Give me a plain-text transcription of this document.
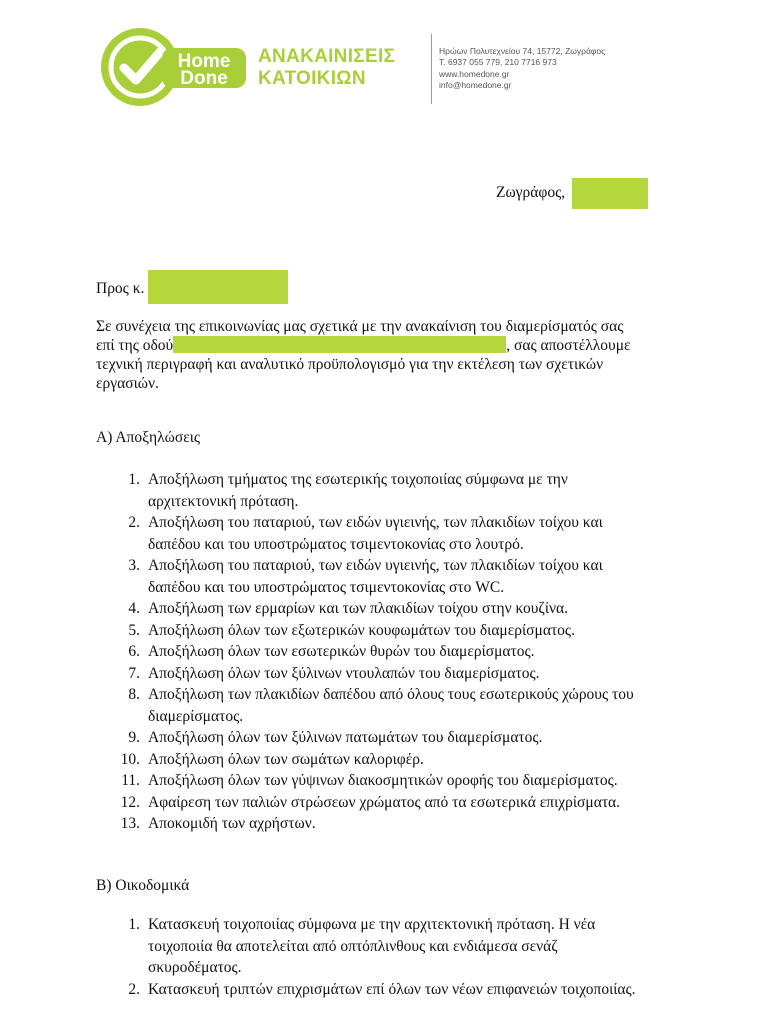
Home
Done
ΑΝΑΚΑΙΝΙΣΕΙΣ
ΚΑΤΟΙΚΙΩΝ
Ηρώων Πολυτεχνείου 74, 15772, Ζωγράφος
T. 6937 055 779, 210 7716 973
www.homedone.gr
info@homedone.gr
Ζωγράφος,
Προς κ.
Σε συνέχεια της επικοινωνίας μας σχετικά με την ανακαίνιση του διαμερίσματός σας
επί της οδού	, σας αποστέλλουμε
τεχνική περιγραφή και αναλυτικό προϋπολογισμό για την εκτέλεση των σχετικών
εργασιών.
Α) Αποξηλώσεις
1. Αποξήλωση τμήματος της εσωτερικής τοιχοποιίας σύμφωνα με την
αρχιτεκτονική πρόταση.
2. Αποξήλωση του παταριού, των ειδών υγιεινής, των πλακιδίων τοίχου και
δαπέδου και του υποστρώματος τσιμεντοκονίας στο λουτρό.
3. Αποξήλωση του παταριού, των ειδών υγιεινής, των πλακιδίων τοίχου και
δαπέδου και του υποστρώματος τσιμεντοκονίας στο WC.
4. Αποξήλωση των ερμαρίων και των πλακιδίων τοίχου στην κουζίνα.
5. Αποξήλωση όλων των εξωτερικών κουφωμάτων του διαμερίσματος.
6. Αποξήλωση όλων των εσωτερικών θυρών του διαμερίσματος.
7. Αποξήλωση όλων των ξύλινων ντουλαπών του διαμερίσματος.
8. Αποξήλωση των πλακιδίων δαπέδου από όλους τους εσωτερικούς χώρους του
διαμερίσματος.
9. Αποξήλωση όλων των ξύλινων πατωμάτων του διαμερίσματος.
10. Αποξήλωση όλων των σωμάτων καλοριφέρ.
11. Αποξήλωση όλων των γύψινων διακοσμητικών οροφής του διαμερίσματος.
12. Αφαίρεση των παλιών στρώσεων χρώματος από τα εσωτερικά επιχρίσματα.
13. Αποκομιδή των αχρήστων.
Β) Οικοδομικά
1. Κατασκευή τοιχοποιίας σύμφωνα με την αρχιτεκτονική πρόταση. Η νέα
τοιχοποιία θα αποτελείται από οπτόπλινθους και ενδιάμεσα σενάζ
σκυροδέματος.
2. Κατασκευή τριπτών επιχρισμάτων επί όλων των νέων επιφανειών τοιχοποιίας.
